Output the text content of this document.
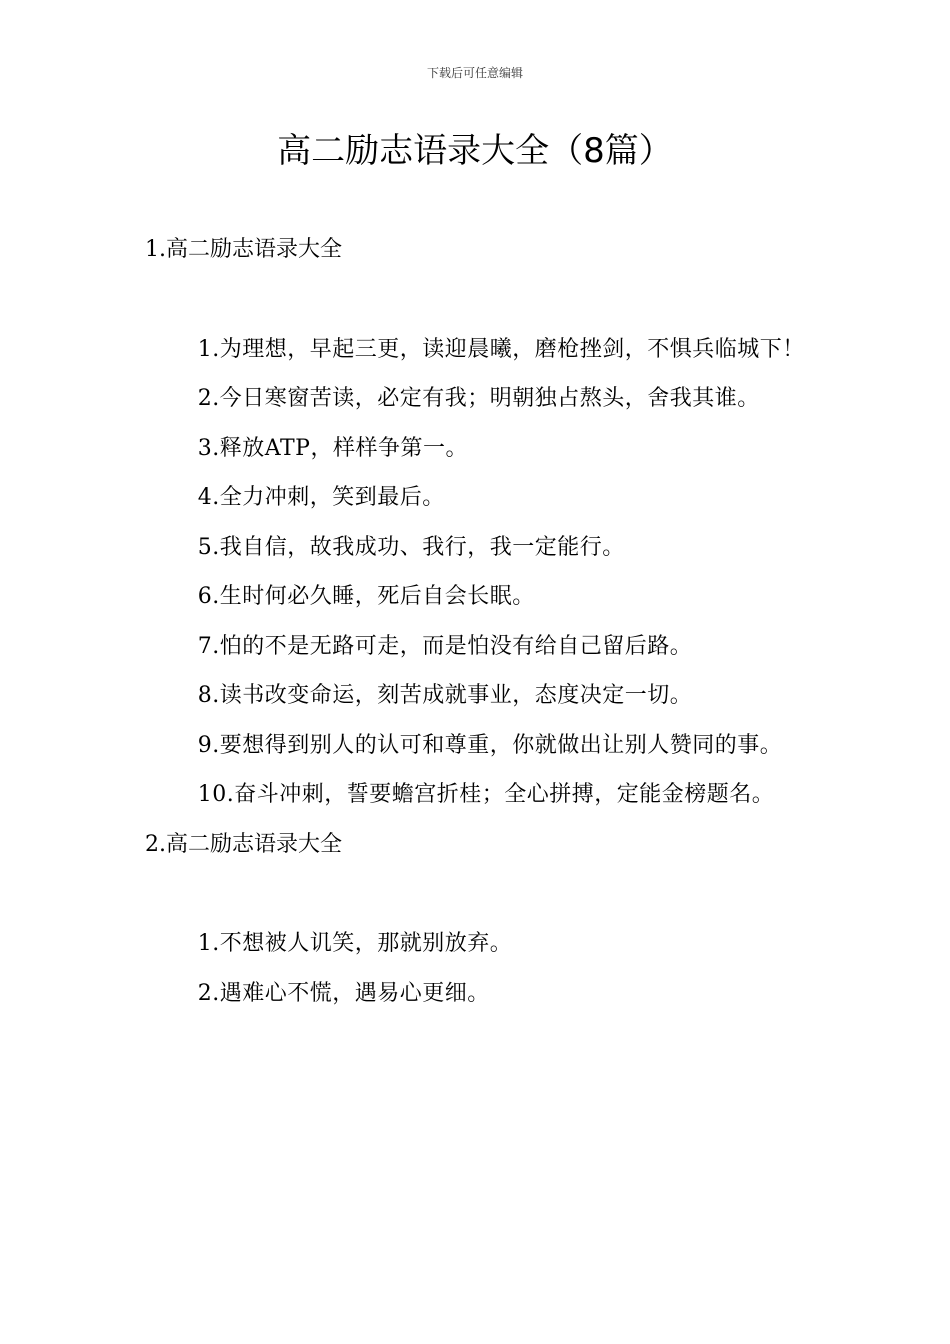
下载后可任意编辑
高二励志语录大全（8篇）
1.高二励志语录大全

1.为理想，早起三更，读迎晨曦，磨枪挫剑，不惧兵临城下！

2.今日寒窗苦读，必定有我；明朝独占熬头，舍我其谁。

3.释放ATP，样样争第一。

4.全力冲刺，笑到最后。

5.我自信，故我成功、我行，我一定能行。

6.生时何必久睡，死后自会长眠。

7.怕的不是无路可走，而是怕没有给自己留后路。

8.读书改变命运，刻苦成就事业，态度决定一切。

9.要想得到别人的认可和尊重，你就做出让别人赞同的事。

10.奋斗冲刺，誓要蟾宫折桂；全心拼搏，定能金榜题名。

2.高二励志语录大全

1.不想被人讥笑，那就别放弃。

2.遇难心不慌，遇易心更细。
